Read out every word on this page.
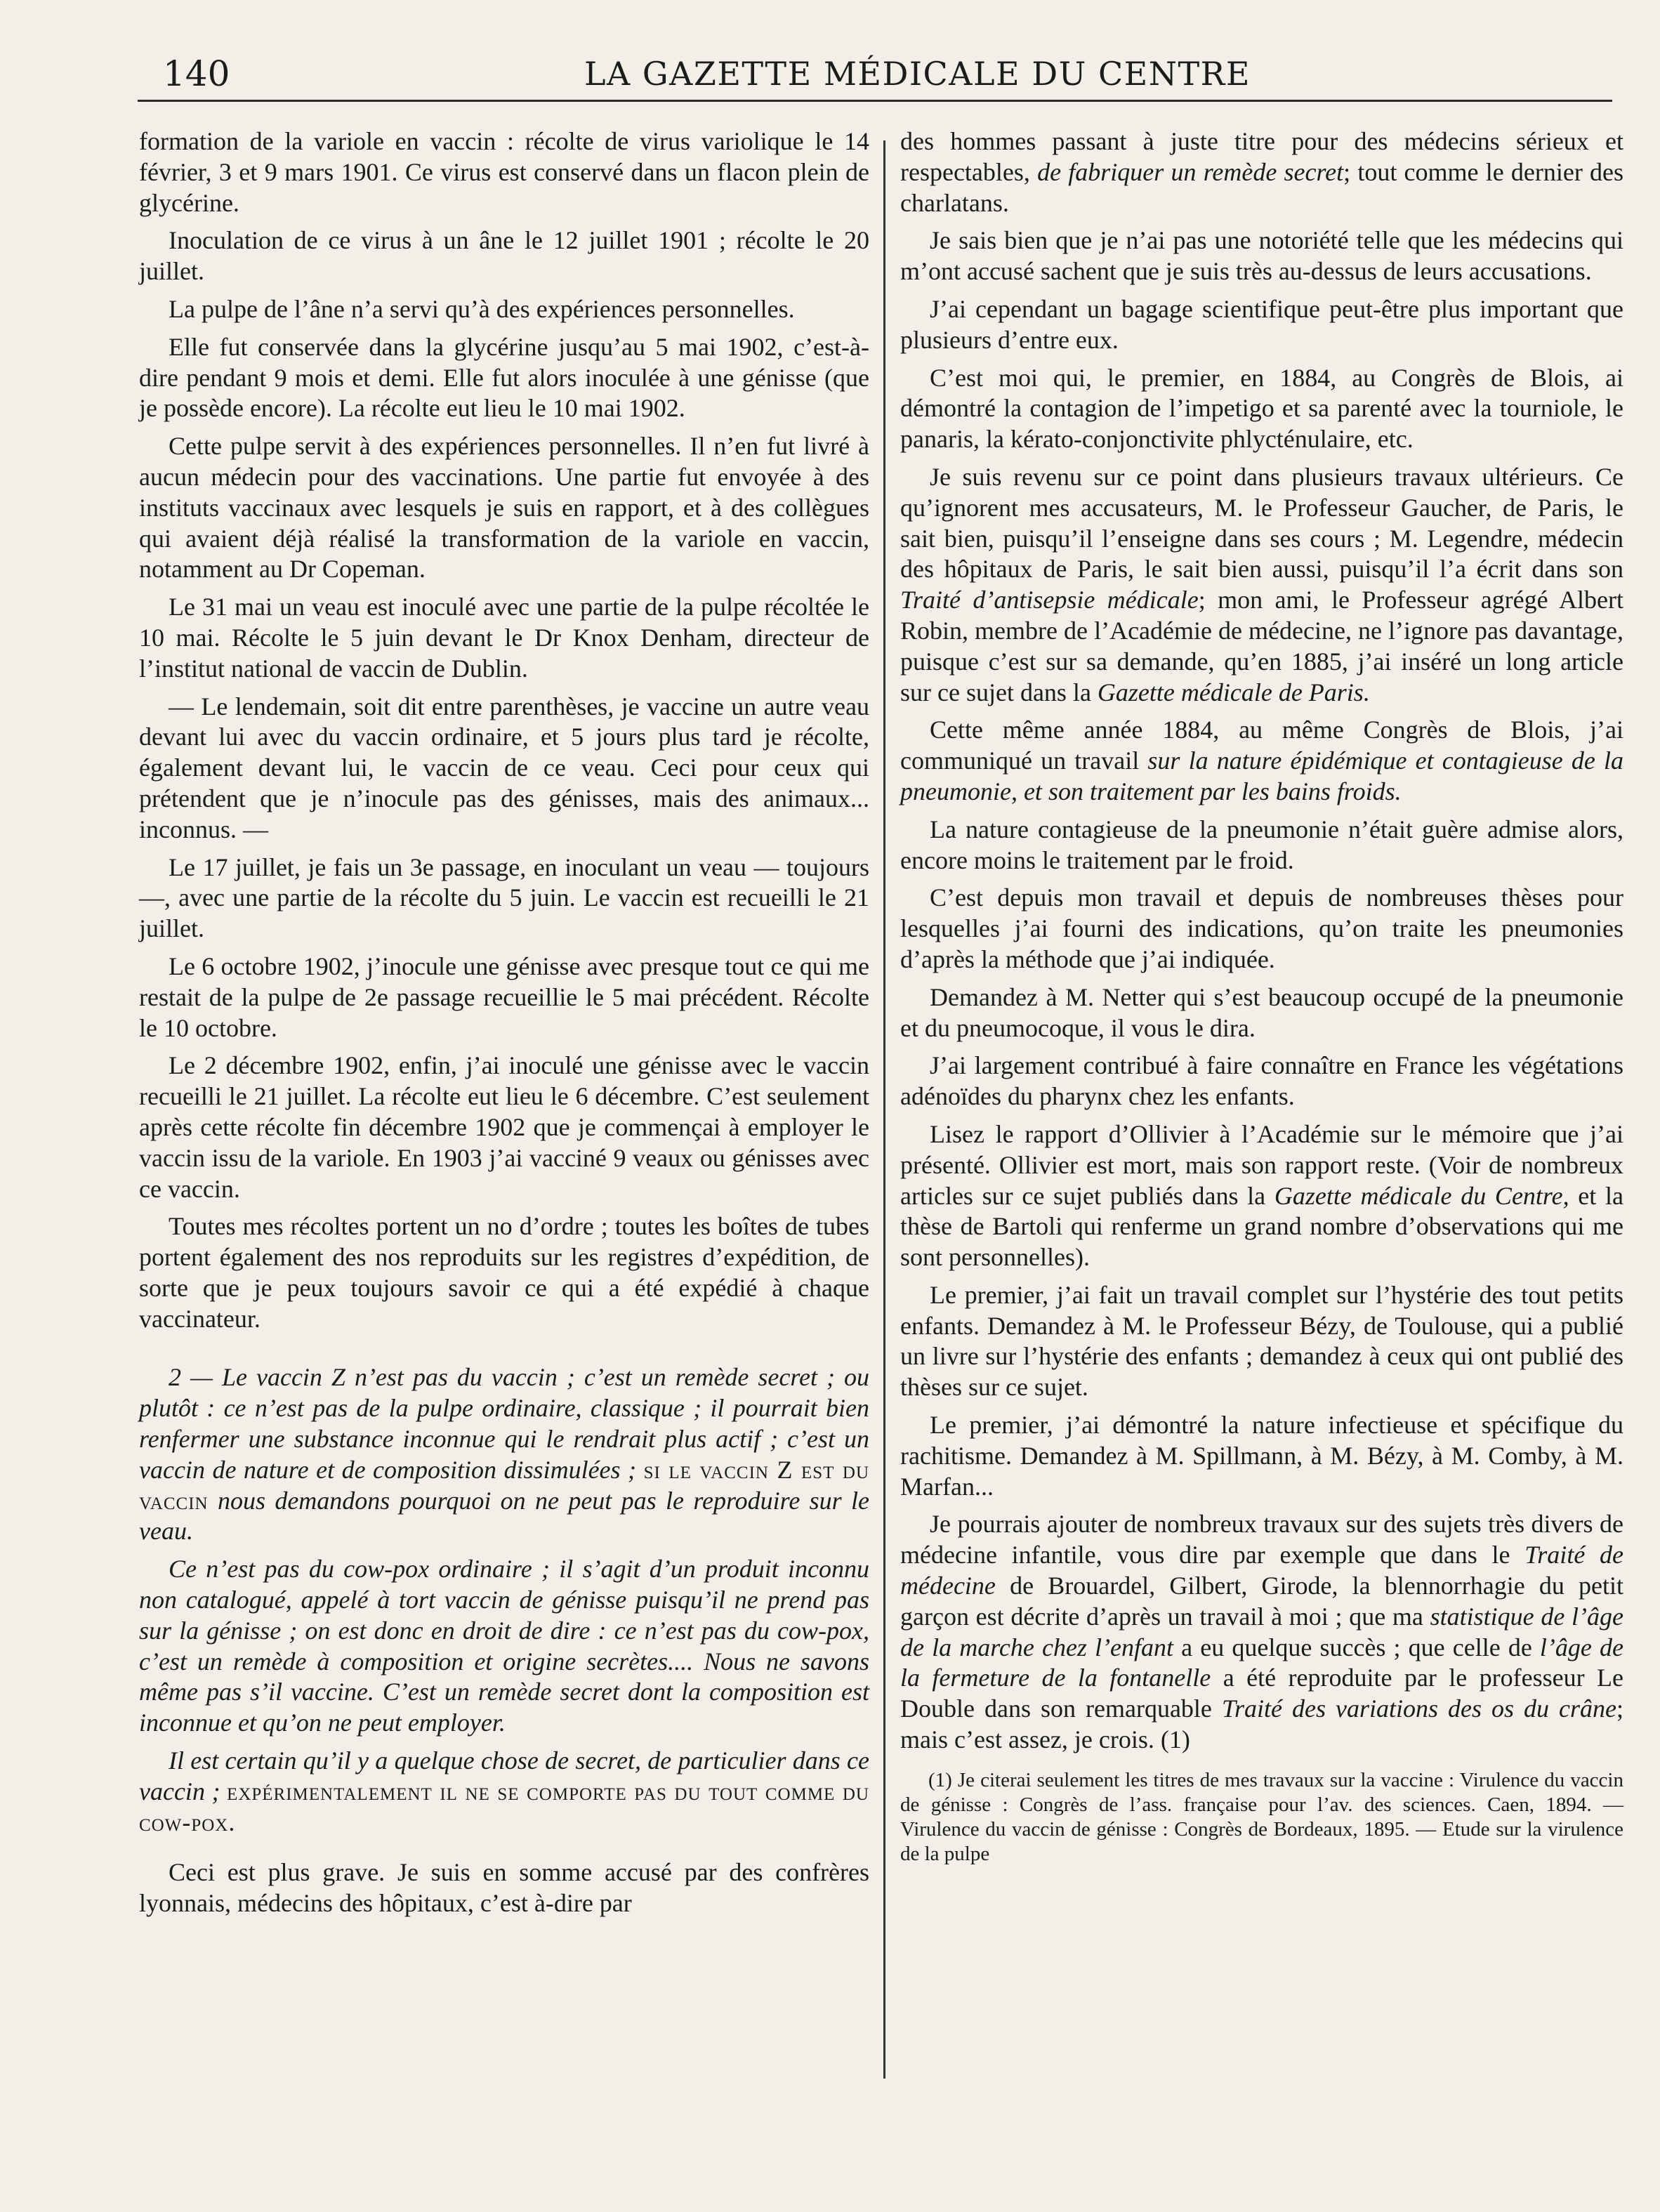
140	LA GAZETTE MÉDICALE DU CENTRE

formation de la variole en vaccin : récolte de virus variolique le 14 février, 3 et 9 mars 1901. Ce virus est conservé dans un flacon plein de glycérine.

Inoculation de ce virus à un âne le 12 juillet 1901 ; récolte le 20 juillet.

La pulpe de l’âne n’a servi qu’à des expériences personnelles.

Elle fut conservée dans la glycérine jusqu’au 5 mai 1902, c’est-à-dire pendant 9 mois et demi. Elle fut alors inoculée à une génisse (que je possède encore). La récolte eut lieu le 10 mai 1902.

Cette pulpe servit à des expériences personnelles. Il n’en fut livré à aucun médecin pour des vaccinations. Une partie fut envoyée à des instituts vaccinaux avec lesquels je suis en rapport, et à des collègues qui avaient déjà réalisé la transformation de la variole en vaccin, notamment au Dr Copeman.

Le 31 mai un veau est inoculé avec une partie de la pulpe récoltée le 10 mai. Récolte le 5 juin devant le Dr Knox Denham, directeur de l’institut national de vaccin de Dublin.

— Le lendemain, soit dit entre parenthèses, je vaccine un autre veau devant lui avec du vaccin ordinaire, et 5 jours plus tard je récolte, également devant lui, le vaccin de ce veau. Ceci pour ceux qui prétendent que je n’inocule pas des génisses, mais des animaux... inconnus. —

Le 17 juillet, je fais un 3e passage, en inoculant un veau — toujours —, avec une partie de la récolte du 5 juin. Le vaccin est recueilli le 21 juillet.

Le 6 octobre 1902, j’inocule une génisse avec presque tout ce qui me restait de la pulpe de 2e passage recueillie le 5 mai précédent. Récolte le 10 octobre.

Le 2 décembre 1902, enfin, j’ai inoculé une génisse avec le vaccin recueilli le 21 juillet. La récolte eut lieu le 6 décembre. C’est seulement après cette récolte fin décembre 1902 que je commençai à employer le vaccin issu de la variole. En 1903 j’ai vacciné 9 veaux ou génisses avec ce vaccin.

Toutes mes récoltes portent un no d’ordre ; toutes les boîtes de tubes portent également des nos reproduits sur les registres d’expédition, de sorte que je peux toujours savoir ce qui a été expédié à chaque vaccinateur.

2 — Le vaccin Z n’est pas du vaccin ; c’est un remède secret ; ou plutôt : ce n’est pas de la pulpe ordinaire, classique ; il pourrait bien renfermer une substance inconnue qui le rendrait plus actif ; c’est un vaccin de nature et de composition dissimulées ; si le vaccin Z est du vaccin nous demandons pourquoi on ne peut pas le reproduire sur le veau.

Ce n’est pas du cow-pox ordinaire ; il s’agit d’un produit inconnu non catalogué, appelé à tort vaccin de génisse puisqu’il ne prend pas sur la génisse ; on est donc en droit de dire : ce n’est pas du cow-pox, c’est un remède à composition et origine secrètes.... Nous ne savons même pas s’il vaccine. C’est un remède secret dont la composition est inconnue et qu’on ne peut employer.

Il est certain qu’il y a quelque chose de secret, de particulier dans ce vaccin ; expérimentalement il ne se comporte pas du tout comme du cow-pox.

Ceci est plus grave. Je suis en somme accusé par des confrères lyonnais, médecins des hôpitaux, c’est à-dire par

des hommes passant à juste titre pour des médecins sérieux et respectables, de fabriquer un remède secret; tout comme le dernier des charlatans.

Je sais bien que je n’ai pas une notoriété telle que les médecins qui m’ont accusé sachent que je suis très au-dessus de leurs accusations.

J’ai cependant un bagage scientifique peut-être plus important que plusieurs d’entre eux.

C’est moi qui, le premier, en 1884, au Congrès de Blois, ai démontré la contagion de l’impetigo et sa parenté avec la tourniole, le panaris, la kérato-conjonctivite phlycténulaire, etc.

Je suis revenu sur ce point dans plusieurs travaux ultérieurs. Ce qu’ignorent mes accusateurs, M. le Professeur Gaucher, de Paris, le sait bien, puisqu’il l’enseigne dans ses cours ; M. Legendre, médecin des hôpitaux de Paris, le sait bien aussi, puisqu’il l’a écrit dans son Traité d’antisepsie médicale; mon ami, le Professeur agrégé Albert Robin, membre de l’Académie de médecine, ne l’ignore pas davantage, puisque c’est sur sa demande, qu’en 1885, j’ai inséré un long article sur ce sujet dans la Gazette médicale de Paris.

Cette même année 1884, au même Congrès de Blois, j’ai communiqué un travail sur la nature épidémique et contagieuse de la pneumonie, et son traitement par les bains froids.

La nature contagieuse de la pneumonie n’était guère admise alors, encore moins le traitement par le froid.

C’est depuis mon travail et depuis de nombreuses thèses pour lesquelles j’ai fourni des indications, qu’on traite les pneumonies d’après la méthode que j’ai indiquée.

Demandez à M. Netter qui s’est beaucoup occupé de la pneumonie et du pneumocoque, il vous le dira.

J’ai largement contribué à faire connaître en France les végétations adénoïdes du pharynx chez les enfants.

Lisez le rapport d’Ollivier à l’Académie sur le mémoire que j’ai présenté. Ollivier est mort, mais son rapport reste. (Voir de nombreux articles sur ce sujet publiés dans la Gazette médicale du Centre, et la thèse de Bartoli qui renferme un grand nombre d’observations qui me sont personnelles).

Le premier, j’ai fait un travail complet sur l’hystérie des tout petits enfants. Demandez à M. le Professeur Bézy, de Toulouse, qui a publié un livre sur l’hystérie des enfants ; demandez à ceux qui ont publié des thèses sur ce sujet.

Le premier, j’ai démontré la nature infectieuse et spécifique du rachitisme. Demandez à M. Spillmann, à M. Bézy, à M. Comby, à M. Marfan...

Je pourrais ajouter de nombreux travaux sur des sujets très divers de médecine infantile, vous dire par exemple que dans le Traité de médecine de Brouardel, Gilbert, Girode, la blennorrhagie du petit garçon est décrite d’après un travail à moi ; que ma statistique de l’âge de la marche chez l’enfant a eu quelque succès ; que celle de l’âge de la fermeture de la fontanelle a été reproduite par le professeur Le Double dans son remarquable Traité des variations des os du crâne; mais c’est assez, je crois. (1)

(1) Je citerai seulement les titres de mes travaux sur la vaccine : Virulence du vaccin de génisse : Congrès de l’ass. française pour l’av. des sciences. Caen, 1894. — Virulence du vaccin de génisse : Congrès de Bordeaux, 1895. — Etude sur la virulence de la pulpe
